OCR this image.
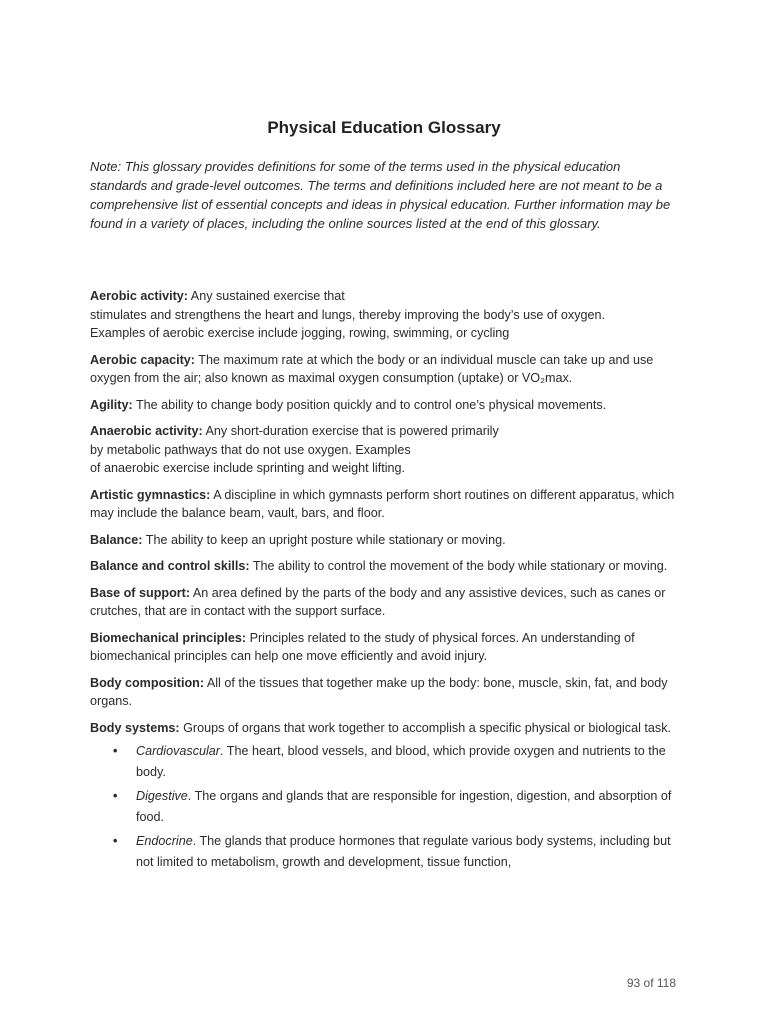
Physical Education Glossary
Note: This glossary provides definitions for some of the terms used in the physical education standards and grade-level outcomes. The terms and definitions included here are not meant to be a comprehensive list of essential concepts and ideas in physical education. Further information may be found in a variety of places, including the online sources listed at the end of this glossary.

Aerobic activity: Any sustained exercise that

stimulates and strengthens the heart and lungs, thereby improving the body’s use of oxygen.

Examples of aerobic exercise include jogging, rowing, swimming, or cycling

Aerobic capacity: The maximum rate at which the body or an individual muscle can take up and use oxygen from the air; also known as maximal oxygen consumption (uptake) or VO₂max.

Agility: The ability to change body position quickly and to control one’s physical movements.

Anaerobic activity: Any short-duration exercise that is powered primarily

by metabolic pathways that do not use oxygen. Examples

of anaerobic exercise include sprinting and weight lifting.

Artistic gymnastics: A discipline in which gymnasts perform short routines on different apparatus, which may include the balance beam, vault, bars, and floor.

Balance: The ability to keep an upright posture while stationary or moving.

Balance and control skills: The ability to control the movement of the body while stationary or moving.

Base of support: An area defined by the parts of the body and any assistive devices, such as canes or crutches, that are in contact with the support surface.

Biomechanical principles: Principles related to the study of physical forces. An understanding of biomechanical principles can help one move efficiently and avoid injury.

Body composition: All of the tissues that together make up the body: bone, muscle, skin, fat, and body organs.

Body systems: Groups of organs that work together to accomplish a specific physical or biological task.

• Cardiovascular. The heart, blood vessels, and blood, which provide oxygen and nutrients to the body.
• Digestive. The organs and glands that are responsible for ingestion, digestion, and absorption of food.
• Endocrine. The glands that produce hormones that regulate various body systems, including but not limited to metabolism, growth and development, tissue function,
93 of 118
